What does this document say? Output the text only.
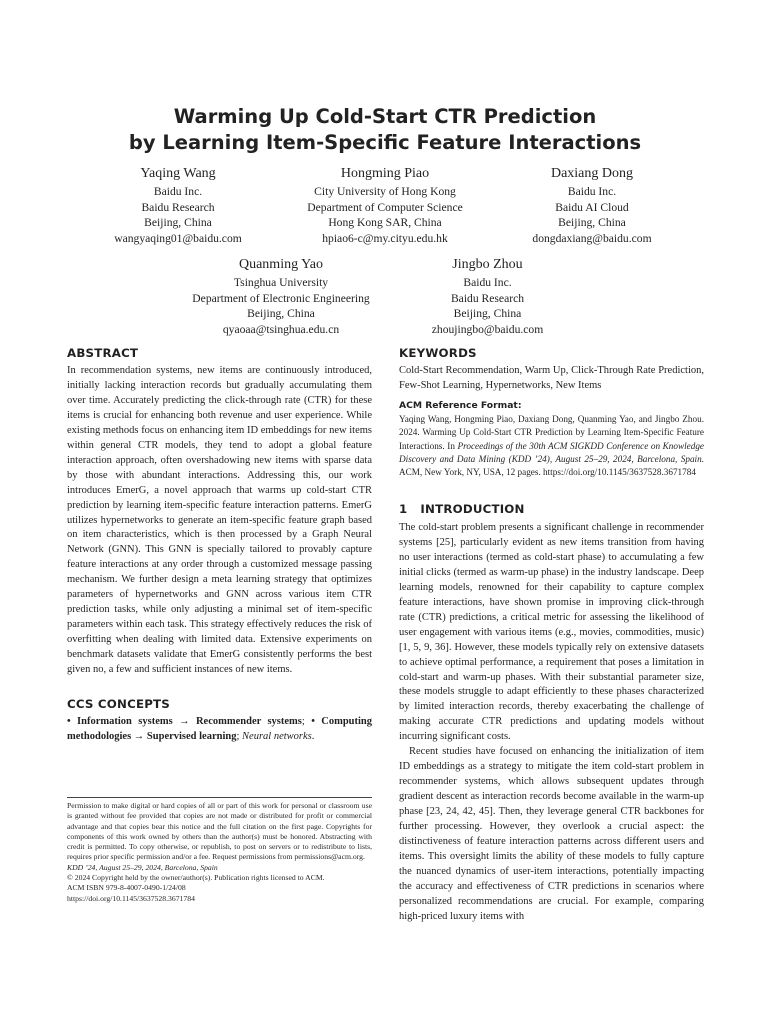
Warming Up Cold-Start CTR Prediction
by Learning Item-Specific Feature Interactions
Yaqing Wang
Baidu Inc.
Baidu Research
Beijing, China
wangyaqing01@baidu.com
Hongming Piao
City University of Hong Kong
Department of Computer Science
Hong Kong SAR, China
hpiao6-c@my.cityu.edu.hk
Daxiang Dong
Baidu Inc.
Baidu AI Cloud
Beijing, China
dongdaxiang@baidu.com
Quanming Yao
Tsinghua University
Department of Electronic Engineering
Beijing, China
qyaoaa@tsinghua.edu.cn
Jingbo Zhou
Baidu Inc.
Baidu Research
Beijing, China
zhoujingbo@baidu.com
ABSTRACT

In recommendation systems, new items are continuously introduced, initially lacking interaction records but gradually accumulating them over time. Accurately predicting the click-through rate (CTR) for these items is crucial for enhancing both revenue and user experience. While existing methods focus on enhancing item ID embeddings for new items within general CTR models, they tend to adopt a global feature interaction approach, often overshadowing new items with sparse data by those with abundant interactions. Addressing this, our work introduces EmerG, a novel approach that warms up cold-start CTR prediction by learning item-specific feature interaction patterns. EmerG utilizes hypernetworks to generate an item-specific feature graph based on item characteristics, which is then processed by a Graph Neural Network (GNN). This GNN is specially tailored to provably capture feature interactions at any order through a customized message passing mechanism. We further design a meta learning strategy that optimizes parameters of hypernetworks and GNN across various item CTR prediction tasks, while only adjusting a minimal set of item-specific parameters within each task. This strategy effectively reduces the risk of overfitting when dealing with limited data. Extensive experiments on benchmark datasets validate that EmerG consistently performs the best given no, a few and sufficient instances of new items.

CCS CONCEPTS

• Information systems → Recommender systems; • Computing methodologies → Supervised learning; Neural networks.

Permission to make digital or hard copies of all or part of this work for personal or classroom use is granted without fee provided that copies are not made or distributed for profit or commercial advantage and that copies bear this notice and the full citation on the first page. Copyrights for components of this work owned by others than the author(s) must be honored. Abstracting with credit is permitted. To copy otherwise, or republish, to post on servers or to redistribute to lists, requires prior specific permission and/or a fee. Request permissions from permissions@acm.org.

KDD ’24, August 25–29, 2024, Barcelona, Spain

© 2024 Copyright held by the owner/author(s). Publication rights licensed to ACM.

ACM ISBN 979-8-4007-0490-1/24/08

https://doi.org/10.1145/3637528.3671784

KEYWORDS

Cold-Start Recommendation, Warm Up, Click-Through Rate Prediction, Few-Shot Learning, Hypernetworks, New Items

ACM Reference Format:
Yaqing Wang, Hongming Piao, Daxiang Dong, Quanming Yao, and Jingbo Zhou. 2024. Warming Up Cold-Start CTR Prediction by Learning Item-Specific Feature Interactions. In Proceedings of the 30th ACM SIGKDD Conference on Knowledge Discovery and Data Mining (KDD ’24), August 25–29, 2024, Barcelona, Spain. ACM, New York, NY, USA, 12 pages. https://doi.org/10.1145/3637528.3671784
1 INTRODUCTION

The cold-start problem presents a significant challenge in recommender systems [25], particularly evident as new items transition from having no user interactions (termed as cold-start phase) to accumulating a few initial clicks (termed as warm-up phase) in the industry landscape. Deep learning models, renowned for their capability to capture complex feature interactions, have shown promise in improving click-through rate (CTR) predictions, a critical metric for assessing the likelihood of user engagement with various items (e.g., movies, commodities, music) [1, 5, 9, 36]. However, these models typically rely on extensive datasets to achieve optimal performance, a requirement that poses a limitation in cold-start and warm-up phases. With their substantial parameter size, these models struggle to adapt efficiently to these phases characterized by limited interaction records, thereby exacerbating the challenge of making accurate CTR predictions and updating models without incurring significant costs.

Recent studies have focused on enhancing the initialization of item ID embeddings as a strategy to mitigate the item cold-start problem in recommender systems, which allows subsequent updates through gradient descent as interaction records become available in the warm-up phase [23, 24, 42, 45]. Then, they leverage general CTR backbones for further processing. However, they overlook a crucial aspect: the distinctiveness of feature interaction patterns across different users and items. This oversight limits the ability of these models to fully capture the nuanced dynamics of user-item interactions, potentially impacting the accuracy and effectiveness of CTR predictions in scenarios where personalized recommendations are crucial. For example, comparing high-priced luxury items with
